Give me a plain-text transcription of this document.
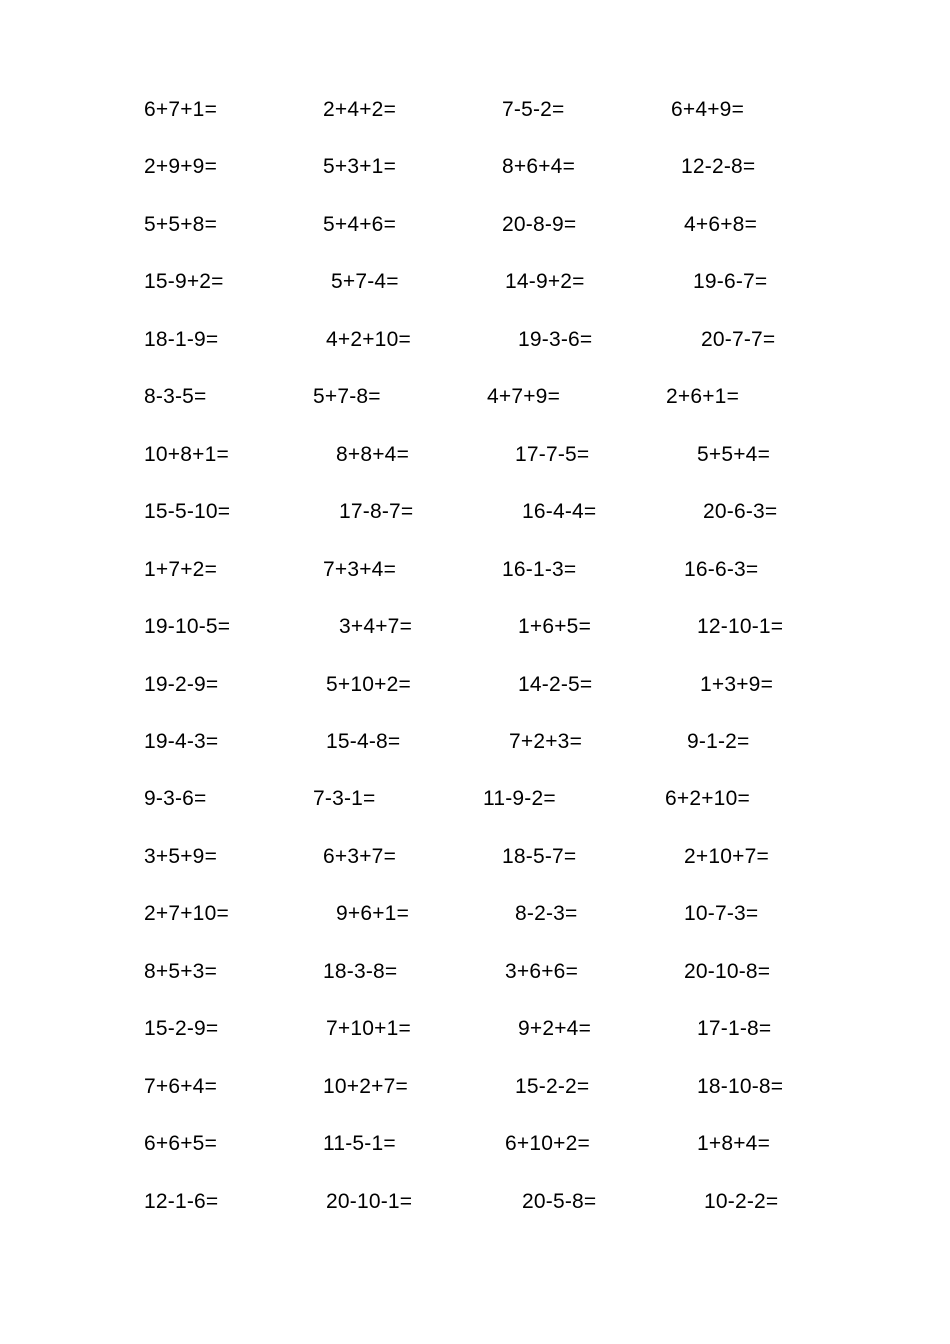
6+7+1=	2+4+2=	7-5-2=	6+4+9=
2+9+9=	5+3+1=	8+6+4=	12-2-8=
5+5+8=	5+4+6=	20-8-9=	4+6+8=
15-9+2=	5+7-4=	14-9+2=	19-6-7=
18-1-9=	4+2+10=	19-3-6=	20-7-7=
8-3-5=	5+7-8=	4+7+9=	2+6+1=
10+8+1=	8+8+4=	17-7-5=	5+5+4=
15-5-10=	17-8-7=	16-4-4=	20-6-3=
1+7+2=	7+3+4=	16-1-3=	16-6-3=
19-10-5=	3+4+7=	1+6+5=	12-10-1=
19-2-9=	5+10+2=	14-2-5=	1+3+9=
19-4-3=	15-4-8=	7+2+3=	9-1-2=
9-3-6=	7-3-1=	11-9-2=	6+2+10=
3+5+9=	6+3+7=	18-5-7=	2+10+7=
2+7+10=	9+6+1=	8-2-3=	10-7-3=
8+5+3=	18-3-8=	3+6+6=	20-10-8=
15-2-9=	7+10+1=	9+2+4=	17-1-8=
7+6+4=	10+2+7=	15-2-2=	18-10-8=
6+6+5=	11-5-1=	6+10+2=	1+8+4=
12-1-6=	20-10-1=	20-5-8=	10-2-2=
